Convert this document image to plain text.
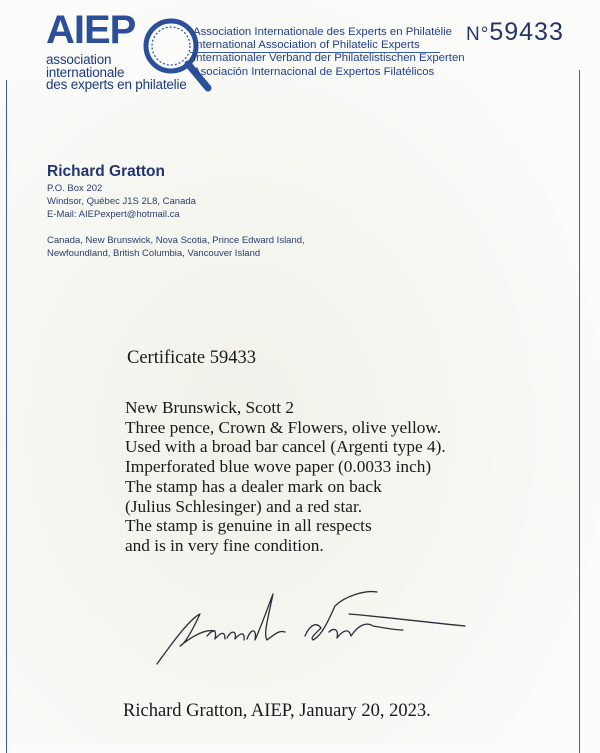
AIEP
association
internationale
des experts en philatelie
Association Internationale des Experts en Philatélie
International Association of Philatelic Experts
Internationaler Verband der Philatelistischen Experten
Asociación Internacional de Expertos Filatélicos
N°59433
Richard Gratton
P.O. Box 202
Windsor, Québec J1S 2L8, Canada
E-Mail: AIEPexpert@hotmail.ca
Canada, New Brunswick, Nova Scotia, Prince Edward Island,
Newfoundland, British Columbia, Vancouver Island
Certificate 59433
New Brunswick, Scott 2
Three pence, Crown & Flowers, olive yellow.
Used with a broad bar cancel (Argenti type 4).
Imperforated blue wove paper (0.0033 inch)
The stamp has a dealer mark on back
(Julius Schlesinger) and a red star.
The stamp is genuine in all respects
and is in very fine condition.
Richard Gratton, AIEP, January 20, 2023.
